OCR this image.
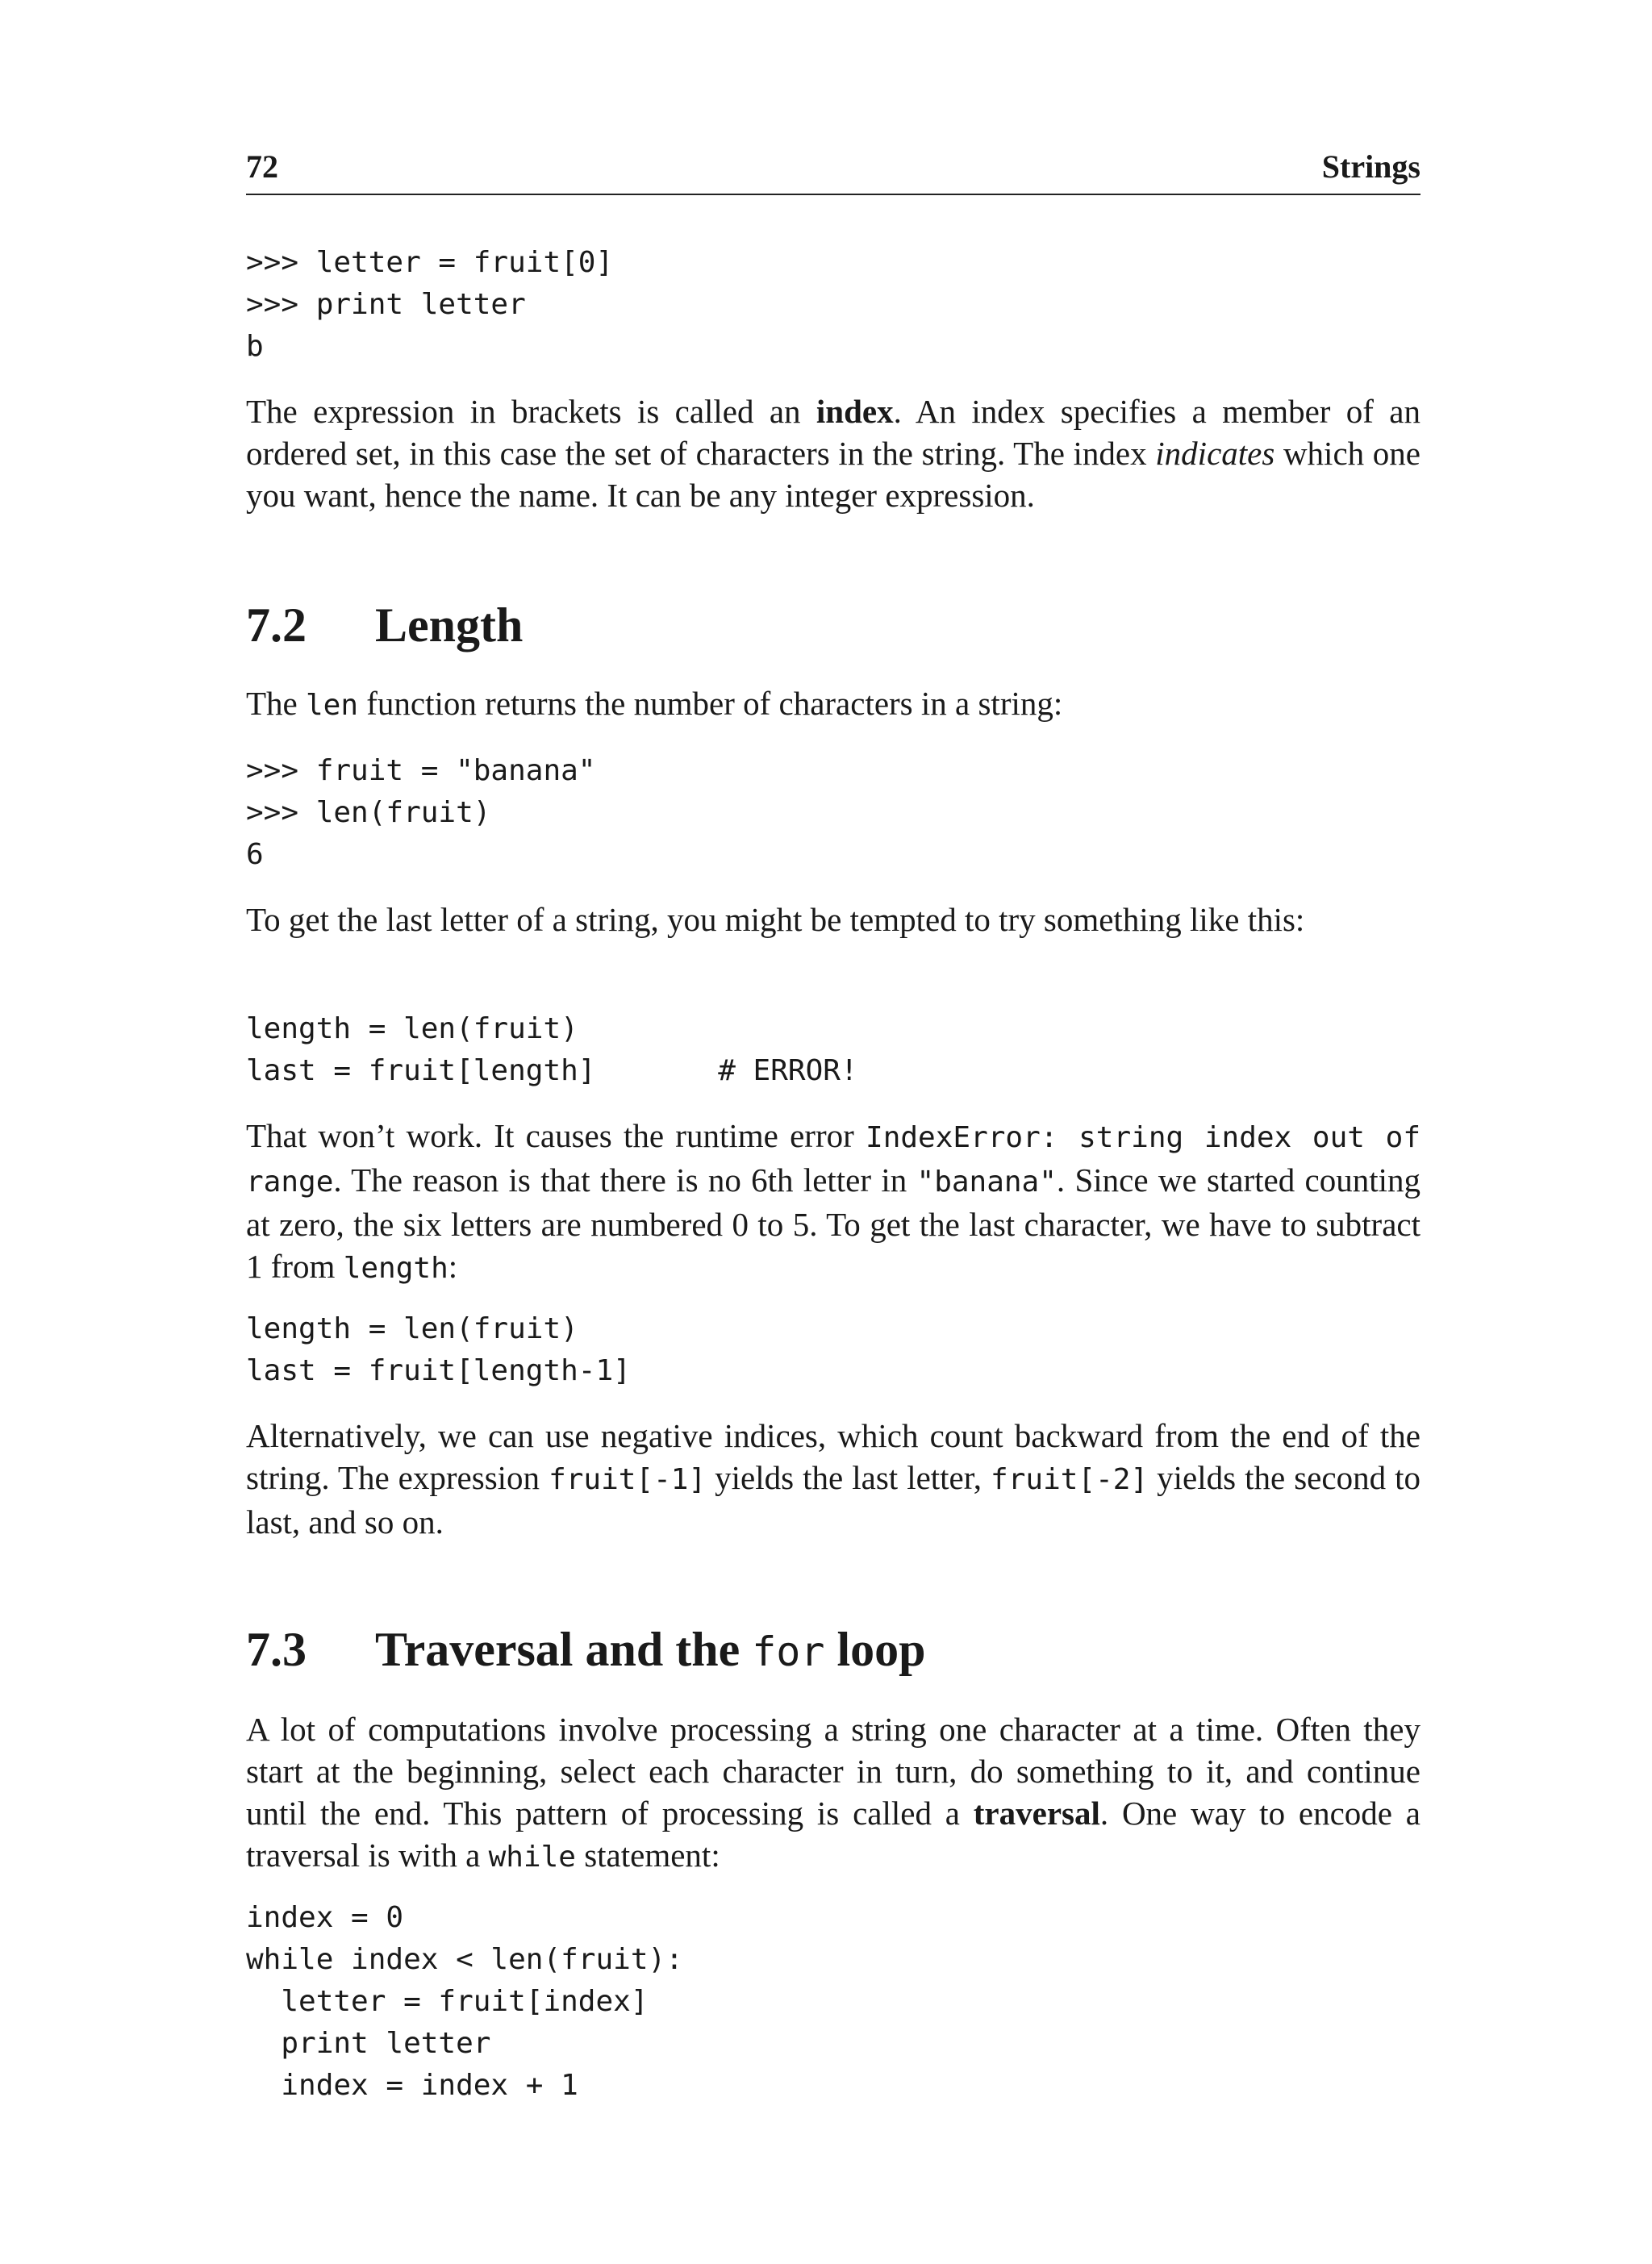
72	Strings
>>> letter = fruit[0]
>>> print letter
b

The expression in brackets is called an index. An index specifies a member of an ordered set, in this case the set of characters in the string. The index indicates which one you want, hence the name. It can be any integer expression.

7.2 Length

The len function returns the number of characters in a string:

>>> fruit = "banana"
>>> len(fruit)
6

To get the last letter of a string, you might be tempted to try something like this:

length = len(fruit)
last = fruit[length]       # ERROR!

That won’t work. It causes the runtime error IndexError: string index out of range. The reason is that there is no 6th letter in "banana". Since we started counting at zero, the six letters are numbered 0 to 5. To get the last character, we have to subtract 1 from length:

length = len(fruit)
last = fruit[length-1]

Alternatively, we can use negative indices, which count backward from the end of the string. The expression fruit[-1] yields the last letter, fruit[-2] yields the second to last, and so on.

7.3 Traversal and the for loop

A lot of computations involve processing a string one character at a time. Often they start at the beginning, select each character in turn, do something to it, and continue until the end. This pattern of processing is called a traversal. One way to encode a traversal is with a while statement:

index = 0
while index < len(fruit):
letter = fruit[index]
print letter
index = index + 1
